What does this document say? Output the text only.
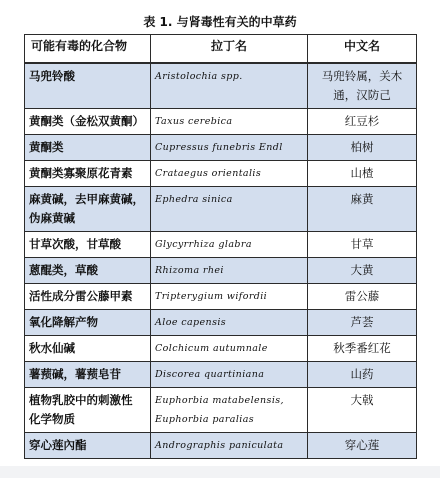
表 1. 与肾毒性有关的中草药
可能有毒的化合物	拉丁名	中文名

马兜铃酸	Aristolochia spp.	马兜铃属，关木
通，汉防己

黄酮类（金松双黄酮）	Taxus cerebica	红豆杉

黄酮类	Cupressus funebris Endl	柏树

黄酮类寡聚原花青素	Crataegus orientalis	山楂

麻黄碱，去甲麻黄碱，
伪麻黄碱	Ephedra sinica	麻黄

甘草次酸，甘草酸	Glycyrrhiza glabra	甘草

蒽醌类，草酸	Rhizoma rhei	大黄

活性成分雷公藤甲素	Tripterygium wifordii	雷公藤

氧化降解产物	Aloe capensis	芦荟

秋水仙碱	Colchicum autumnale	秋季番红花

薯蓣碱，薯蓣皂苷	Discorea quartiniana	山药

植物乳胶中的刺激性
化学物质	Euphorbia matabelensis,
Euphorbia paralias	大戟

穿心莲內酯	Andrographis paniculata	穿心莲
